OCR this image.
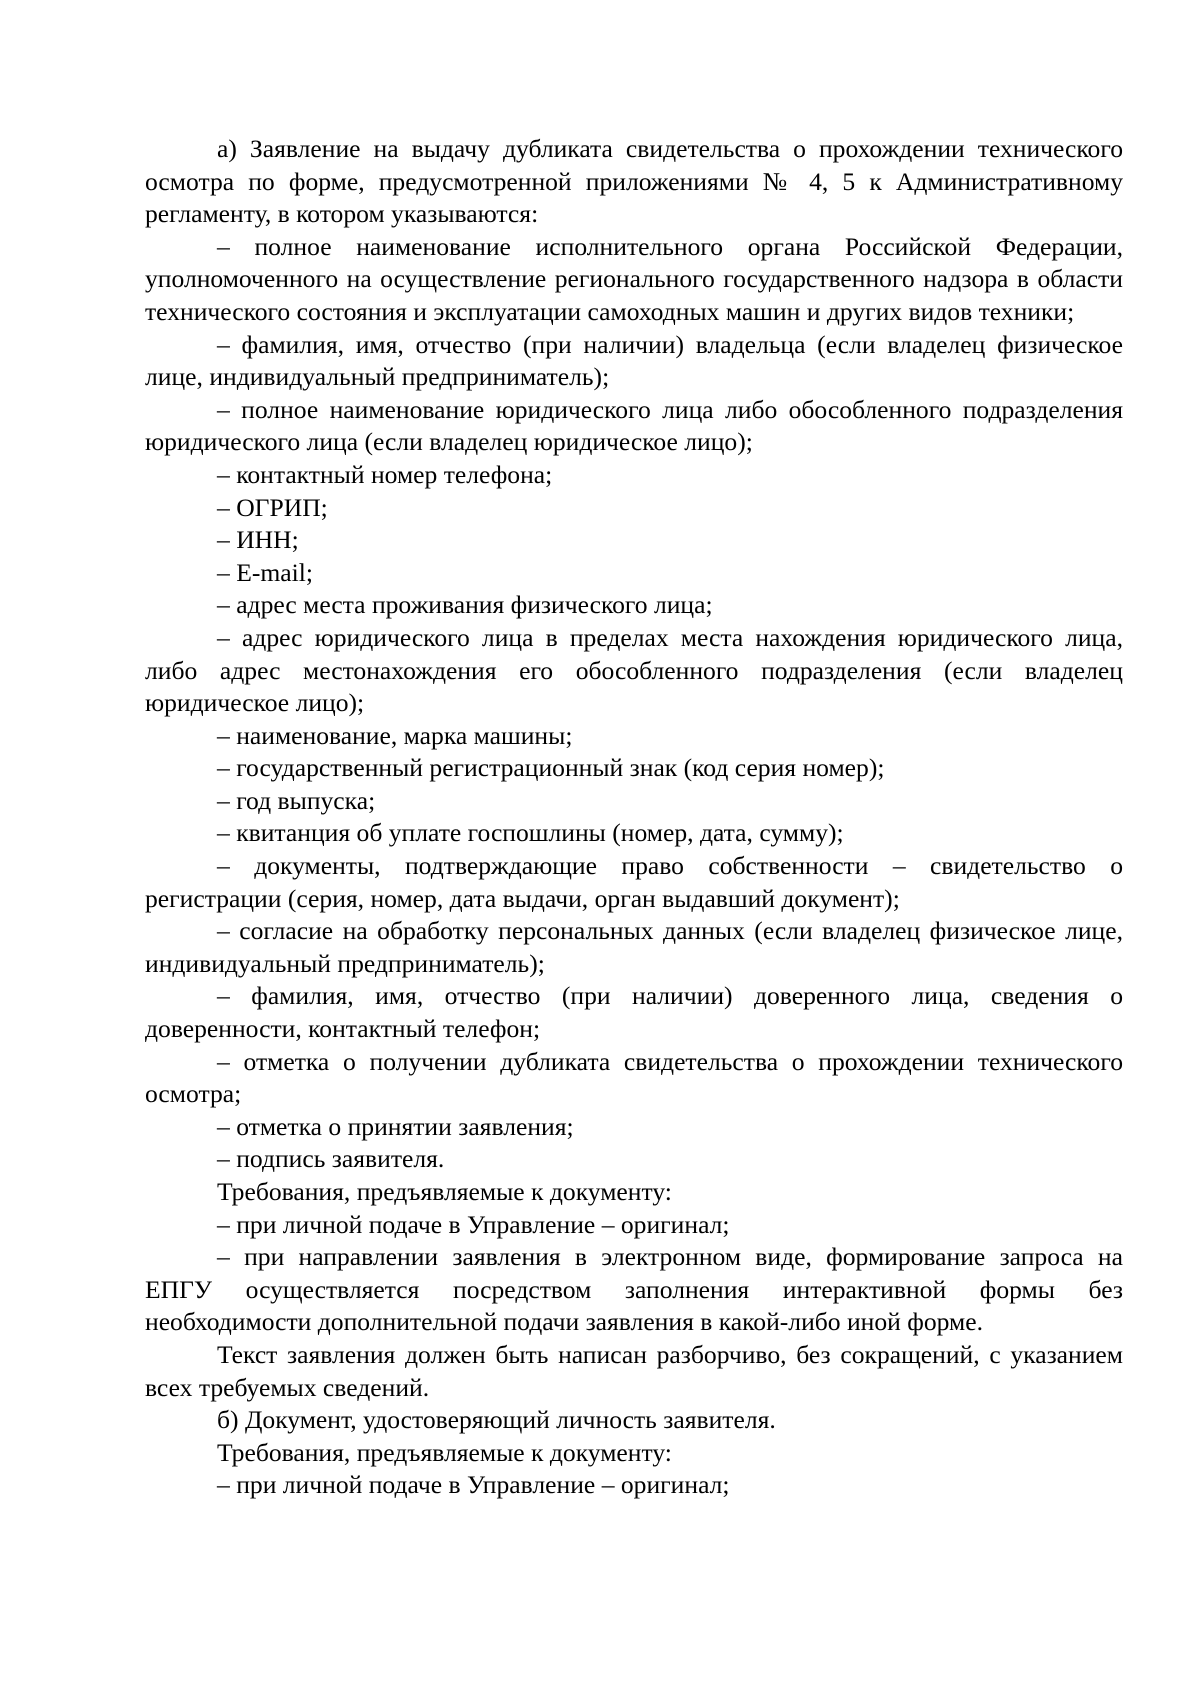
а) Заявление на выдачу дубликата свидетельства о прохождении технического осмотра по форме, предусмотренной приложениями № 4, 5 к Административному регламенту, в котором указываются:

– полное наименование исполнительного органа Российской Федерации, уполномоченного на осуществление регионального государственного надзора в области технического состояния и эксплуатации самоходных машин и других видов техники;

– фамилия, имя, отчество (при наличии) владельца (если владелец физическое лице, индивидуальный предприниматель);

– полное наименование юридического лица либо обособленного подразделения юридического лица (если владелец юридическое лицо);

– контактный номер телефона;

– ОГРИП;

– ИНН;

– E-mail;

– адрес места проживания физического лица;

– адрес юридического лица в пределах места нахождения юридического лица, либо адрес местонахождения его обособленного подразделения (если владелец юридическое лицо);

– наименование, марка машины;

– государственный регистрационный знак (код серия номер);

– год выпуска;

– квитанция об уплате госпошлины (номер, дата, сумму);

– документы, подтверждающие право собственности – свидетельство о регистрации (серия, номер, дата выдачи, орган выдавший документ);

– согласие на обработку персональных данных (если владелец физическое лице, индивидуальный предприниматель);

– фамилия, имя, отчество (при наличии) доверенного лица, сведения о доверенности, контактный телефон;

– отметка о получении дубликата свидетельства о прохождении технического осмотра;

– отметка о принятии заявления;

– подпись заявителя.

Требования, предъявляемые к документу:

– при личной подаче в Управление – оригинал;

– при направлении заявления в электронном виде, формирование запроса на ЕПГУ осуществляется посредством заполнения интерактивной формы без необходимости дополнительной подачи заявления в какой-либо иной форме.

Текст заявления должен быть написан разборчиво, без сокращений, с указанием всех требуемых сведений.

б) Документ, удостоверяющий личность заявителя.

Требования, предъявляемые к документу:

– при личной подаче в Управление – оригинал;
